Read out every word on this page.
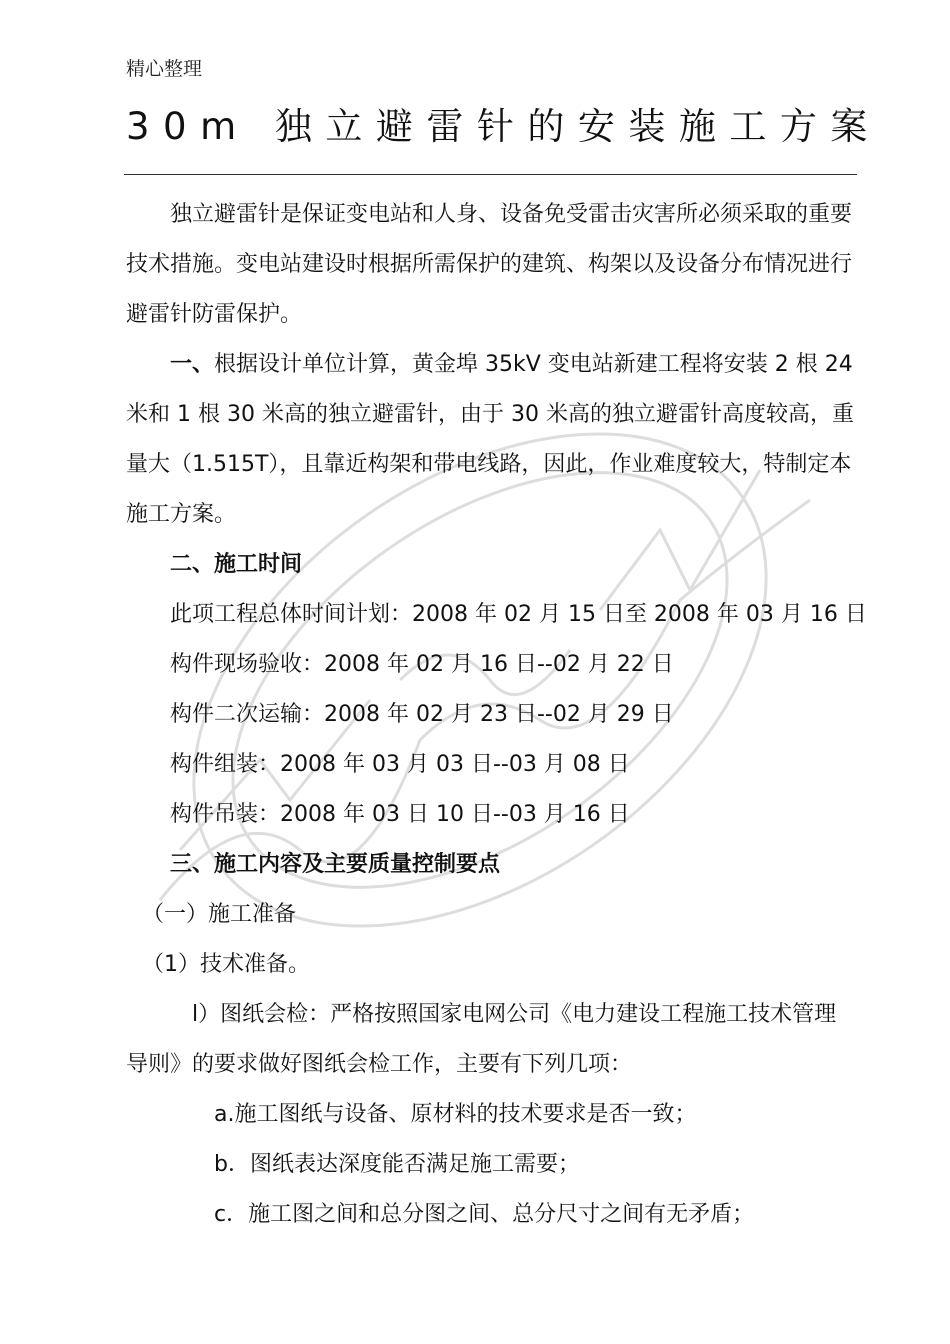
精心整理
30m 独立避雷针的安装施工方案
独立避雷针是保证变电站和人身、设备免受雷击灾害所必须采取的重要
技术措施。变电站建设时根据所需保护的建筑、构架以及设备分布情况进行
避雷针防雷保护。
一、根据设计单位计算，黄金埠 35kV 变电站新建工程将安装 2 根 24
米和 1 根 30 米高的独立避雷针，由于 30 米高的独立避雷针高度较高，重
量大（1.515T），且靠近构架和带电线路，因此，作业难度较大，特制定本
施工方案。
二、施工时间
此项工程总体时间计划：2008 年 02 月 15 日至 2008 年 03 月 16 日
构件现场验收：2008 年 02 月 16 日--02 月 22 日
构件二次运输：2008 年 02 月 23 日--02 月 29 日
构件组装：2008 年 03 月 03 日--03 月 08 日
构件吊装：2008 年 03 日 10 日--03 月 16 日
三、施工内容及主要质量控制要点
（一）施工准备
（1）技术准备。
l）图纸会检：严格按照国家电网公司《电力建设工程施工技术管理
导则》的要求做好图纸会检工作，主要有下列几项：
a.施工图纸与设备、原材料的技术要求是否一致；
b．图纸表达深度能否满足施工需要；
c．施工图之间和总分图之间、总分尺寸之间有无矛盾；
